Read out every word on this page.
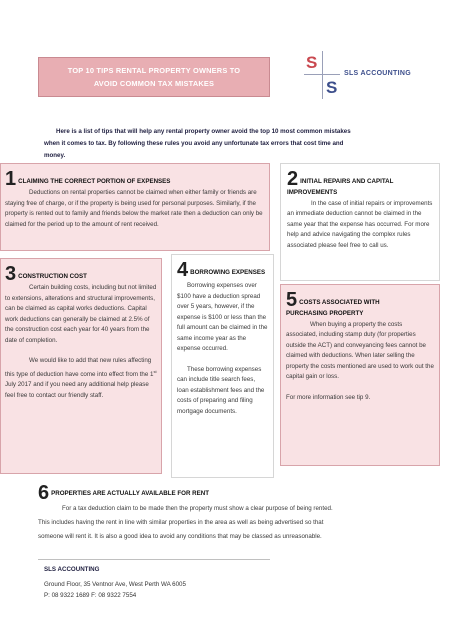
TOP 10 TIPS RENTAL PROPERTY OWNERS TO
AVOID COMMON TAX MISTAKES
S
S
SLS ACCOUNTING
Here is a list of tips that will help any rental property owner avoid the top 10 most common mistakes
when it comes to tax. By following these rules you avoid any unfortunate tax errors that cost time and
money.
1 CLAIMING THE CORRECT PORTION OF EXPENSES

Deductions on rental properties cannot be claimed when either family or friends are staying free of charge, or if the property is being used for personal purposes. Similarly, if the property is rented out to family and friends below the market rate then a deduction can only be claimed for the period up to the amount of rent received.

2 INITIAL REPAIRS AND CAPITAL
IMPROVEMENTS

In the case of initial repairs or improvements an immediate deduction cannot be claimed in the same year that the expense has occurred. For more help and advice navigating the complex rules associated please feel free to call us.

3 CONSTRUCTION COST

Certain building costs, including but not limited to extensions, alterations and structural improvements, can be claimed as capital works deductions. Capital work deductions can generally be claimed at 2.5% of the construction cost each year for 40 years from the date of completion.

We would like to add that new rules affecting this type of deduction have come into effect from the 1st July 2017 and if you need any additional help please feel free to contact our friendly staff.

4 BORROWING EXPENSES

Borrowing expenses over $100 have a deduction spread over 5 years, however, if the expense is $100 or less than the full amount can be claimed in the same income year as the expense occurred.

These borrowing expenses can include title search fees, loan establishment fees and the costs of preparing and filing mortgage documents.

5 COSTS ASSOCIATED WITH
PURCHASING PROPERTY

When buying a property the costs associated, including stamp duty (for properties outside the ACT) and conveyancing fees cannot be claimed with deductions. When later selling the property the costs mentioned are used to work out the capital gain or loss.

For more information see tip 9.

6 PROPERTIES ARE ACTUALLY AVAILABLE FOR RENT
For a tax deduction claim to be made then the property must show a clear purpose of being rented.
This includes having the rent in line with similar properties in the area as well as being advertised so that
someone will rent it. It is also a good idea to avoid any conditions that may be classed as unreasonable.
SLS ACCOUNTING
Ground Floor, 35 Ventnor Ave, West Perth WA 6005
P: 08 9322 1689 F: 08 9322 7554
